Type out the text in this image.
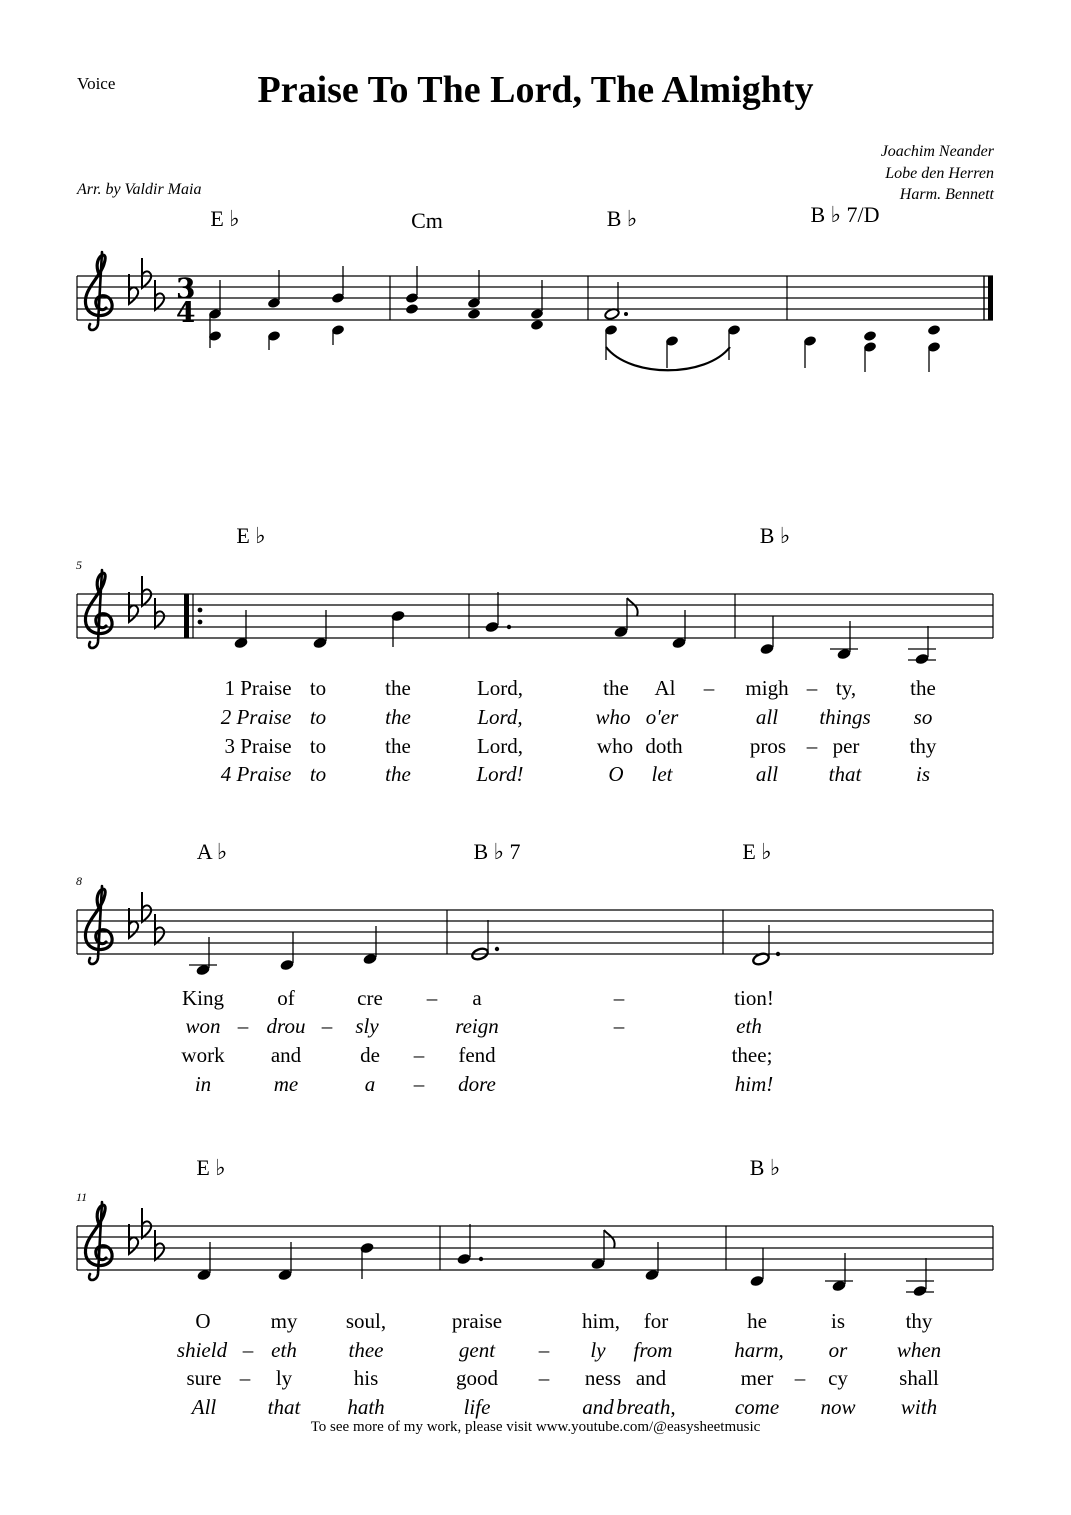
Voice	Praise To The Lord, The Almighty
Joachim Neander
Lobe den Herren
Harm. Bennett
Arr. by Valdir Maia
E ♭	Cm	B ♭	B ♭ 7/D
E ♭	B ♭
A ♭	B ♭ 7	E ♭
E ♭	B ♭
5
8
11
3
4
1 Praise to	the	Lord,	the Al – migh – ty,	the
2 Praise to	the	Lord,	who o'er	all things so
3 Praise to	the	Lord,	who doth	pros – per thy
4 Praise to	the	Lord!	O let	all that	is
King	of	cre – a	–	tion!
won – drou – sly	reign	–	eth
work and	de – fend	thee;
in	me	a – dore	him!
O	my soul,	praise	him, for	he	is	thy
shield – eth thee	gent – ly from	harm, or when
sure – ly	his	good – ness and	mer – cy shall
All that hath	life	and breath,	come now with
To see more of my work, please visit www.youtube.com/@easysheetmusic
